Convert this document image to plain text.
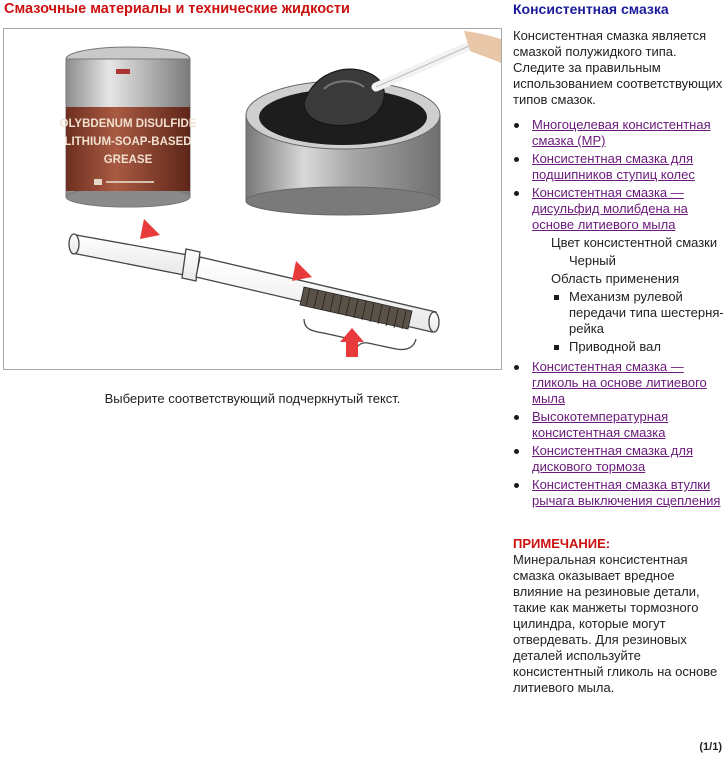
Смазочные материалы и технические жидкости
OLYBDENUM DISULFIDE
LITHIUM-SOAP-BASED
GREASE
Выберите соответствующий подчеркнутый текст.
Консистентная смазка

Консистентная смазка является смазкой полужидкого типа. Следите за правильным использованием соответствующих типов смазок.

Многоцелевая консистентная смазка (MP)
Консистентная смазка для подшипников ступиц колес
Консистентная смазка — дисульфид молибдена на основе литиевого мыла
Цвет консистентной смазки
Черный
Область применения
Механизм рулевой передачи типа шестерня-рейка
Приводной вал
Консистентная смазка — гликоль на основе литиевого мыла
Высокотемпературная консистентная смазка
Консистентная смазка для дискового тормоза
Консистентная смазка втулки рычага выключения сцепления
ПРИМЕЧАНИЕ:

Минеральная консистентная смазка оказывает вредное влияние на резиновые детали, такие как манжеты тормозного цилиндра, которые могут отвердевать. Для резиновых деталей используйте консистентный гликоль на основе литиевого мыла.

(1/1)
